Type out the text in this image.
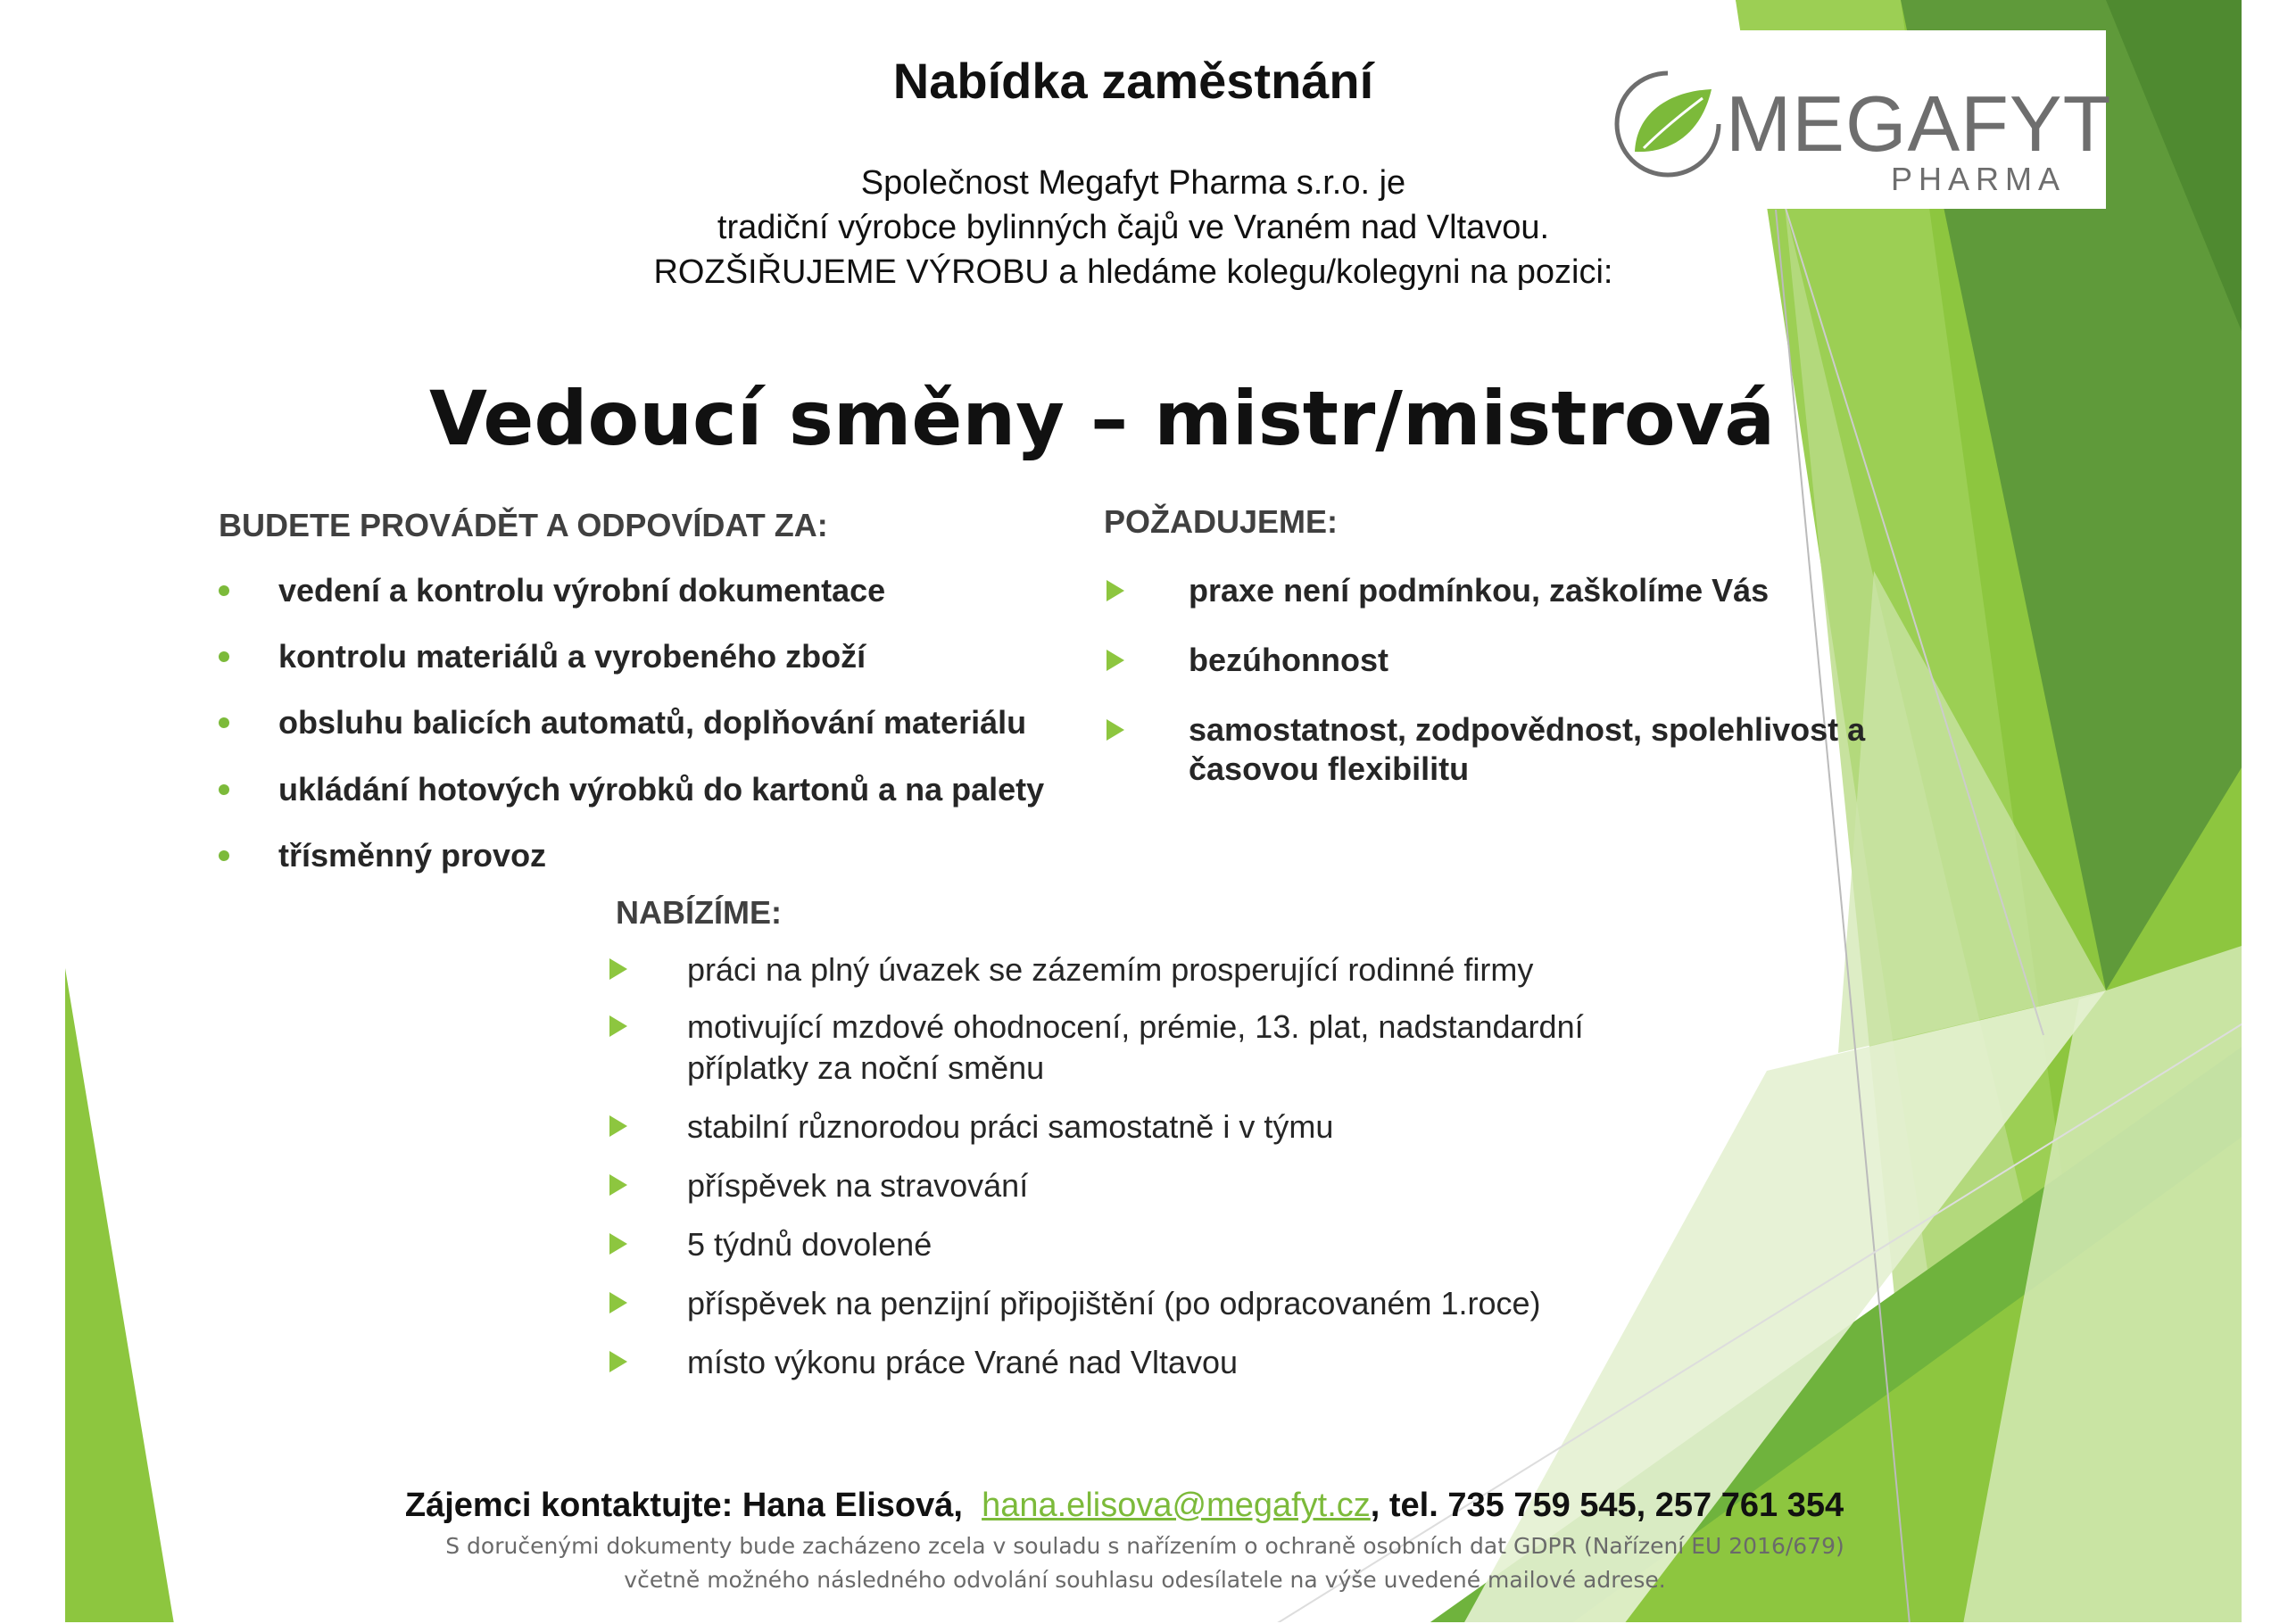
Nabídka zaměstnání
Společnost Megafyt Pharma s.r.o. je
tradiční výrobce bylinných čajů ve Vraném nad Vltavou.
ROZŠIŘUJEME VÝROBU a hledáme kolegu/kolegyni na pozici:
MEGAFYT
PHARMA
Vedoucí směny – mistr/mistrová
BUDETE PROVÁDĚT A ODPOVÍDAT ZA:
vedení a kontrolu výrobní dokumentace
kontrolu materiálů a vyrobeného zboží
obsluhu balicích automatů, doplňování materiálu
ukládání hotových výrobků do kartonů a na palety
třísměnný provoz
POŽADUJEME:
praxe není podmínkou, zaškolíme Vás
bezúhonnost
samostatnost, zodpovědnost, spolehlivost a časovou flexibilitu
NABÍZÍME:
práci na plný úvazek se zázemím prosperující rodinné firmy
motivující mzdové ohodnocení, prémie, 13. plat, nadstandardní příplatky za noční směnu
stabilní různorodou práci samostatně i v týmu
příspěvek na stravování
5 týdnů dovolené
příspěvek na penzijní připojištění (po odpracovaném 1.roce)
místo výkonu práce Vrané nad Vltavou
Zájemci kontaktujte: Hana Elisová, hana.elisova@megafyt.cz, tel. 735 759 545, 257 761 354
S doručenými dokumenty bude zacházeno zcela v souladu s nařízením o ochraně osobních dat GDPR (Nařízení EU 2016/679)
včetně možného následného odvolání souhlasu odesílatele na výše uvedené mailové adrese.
